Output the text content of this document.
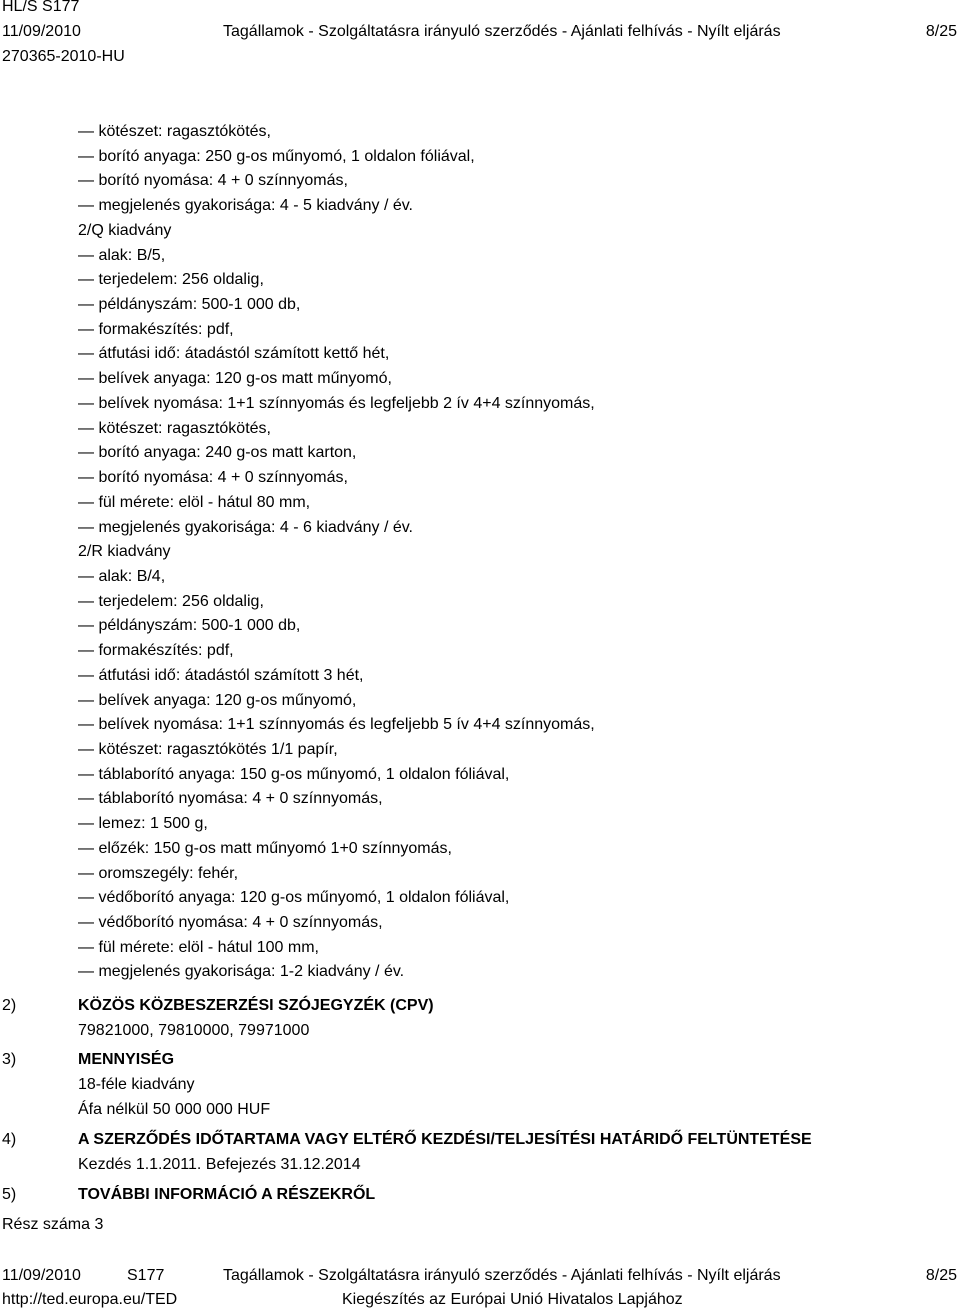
HL/S S177
11/09/2010	Tagállamok - Szolgáltatásra irányuló szerződés - Ajánlati felhívás - Nyílt eljárás	8/25
270365-2010-HU
— kötészet: ragasztókötés,
— borító anyaga: 250 g-os műnyomó, 1 oldalon fóliával,
— borító nyomása: 4 + 0 színnyomás,
— megjelenés gyakorisága: 4 - 5 kiadvány / év.
2/Q kiadvány
— alak: B/5,
— terjedelem: 256 oldalig,
— példányszám: 500-1 000 db,
— formakészítés: pdf,
— átfutási idő: átadástól számított kettő hét,
— belívek anyaga: 120 g-os matt műnyomó,
— belívek nyomása: 1+1 színnyomás és legfeljebb 2 ív 4+4 színnyomás,
— kötészet: ragasztókötés,
— borító anyaga: 240 g-os matt karton,
— borító nyomása: 4 + 0 színnyomás,
— fül mérete: elöl - hátul 80 mm,
— megjelenés gyakorisága: 4 - 6 kiadvány / év.
2/R kiadvány
— alak: B/4,
— terjedelem: 256 oldalig,
— példányszám: 500-1 000 db,
— formakészítés: pdf,
— átfutási idő: átadástól számított 3 hét,
— belívek anyaga: 120 g-os műnyomó,
— belívek nyomása: 1+1 színnyomás és legfeljebb 5 ív 4+4 színnyomás,
— kötészet: ragasztókötés 1/1 papír,
— táblaborító anyaga: 150 g-os műnyomó, 1 oldalon fóliával,
— táblaborító nyomása: 4 + 0 színnyomás,
— lemez: 1 500 g,
— előzék: 150 g-os matt műnyomó 1+0 színnyomás,
— oromszegély: fehér,
— védőborító anyaga: 120 g-os műnyomó, 1 oldalon fóliával,
— védőborító nyomása: 4 + 0 színnyomás,
— fül mérete: elöl - hátul 100 mm,
— megjelenés gyakorisága: 1-2 kiadvány / év.
2)	KÖZÖS KÖZBESZERZÉSI SZÓJEGYZÉK (CPV)
79821000, 79810000, 79971000
3)	MENNYISÉG
18-féle kiadvány
Áfa nélkül 50 000 000 HUF
4)	A SZERZŐDÉS IDŐTARTAMA VAGY ELTÉRŐ KEZDÉSI/TELJESÍTÉSI HATÁRIDŐ FELTÜNTETÉSE
Kezdés 1.1.2011. Befejezés 31.12.2014
5)	TOVÁBBI INFORMÁCIÓ A RÉSZEKRŐL
Rész száma 3
11/09/2010	S177	Tagállamok - Szolgáltatásra irányuló szerződés - Ajánlati felhívás - Nyílt eljárás	8/25
http://ted.europa.eu/TED	Kiegészítés az Európai Unió Hivatalos Lapjához
